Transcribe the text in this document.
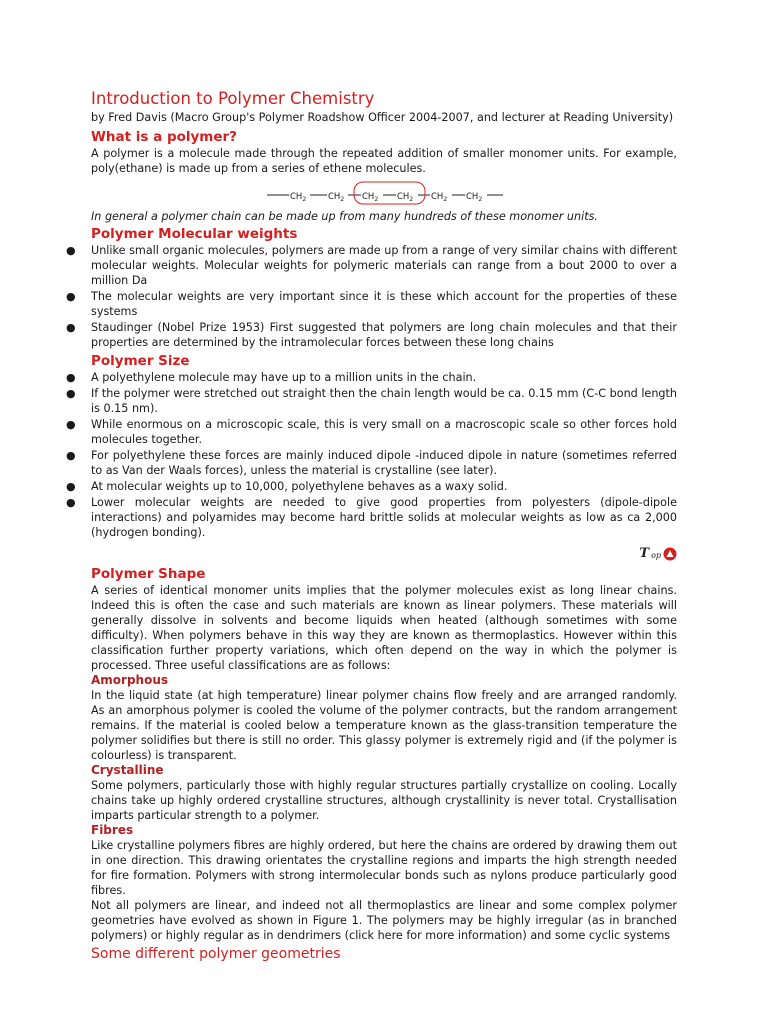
Introduction to Polymer Chemistry

by Fred Davis (Macro Group's Polymer Roadshow Officer 2004-2007, and lecturer at Reading University)

What is a polymer?

A polymer is a molecule made through the repeated addition of smaller monomer units. For example, poly(ethane) is made up from a series of ethene molecules.

$CH_2$	$CH_2$ $CH_2$ $CH_2$ $CH_2$ $CH_2$

In general a polymer chain can be made up from many hundreds of these monomer units.

Polymer Molecular weights
● Unlike small organic molecules, polymers are made up from a range of very similar chains with different molecular weights. Molecular weights for polymeric materials can range from a bout 2000 to over a million Da
● The molecular weights are very important since it is these which account for the properties of these systems
● Staudinger (Nobel Prize 1953) First suggested that polymers are long chain molecules and that their properties are determined by the intramolecular forces between these long chains
Polymer Size
● A polyethylene molecule may have up to a million units in the chain.
● If the polymer were stretched out straight then the chain length would be ca. 0.15 mm (C-C bond length is 0.15 nm).
● While enormous on a microscopic scale, this is very small on a macroscopic scale so other forces hold molecules together.
● For polyethylene these forces are mainly induced dipole -induced dipole in nature (sometimes referred to as Van der Waals forces), unless the material is crystalline (see later).
● At molecular weights up to 10,000, polyethylene behaves as a waxy solid.
● Lower molecular weights are needed to give good properties from polyesters (dipole-dipole interactions) and polyamides may become hard brittle solids at molecular weights as low as ca 2,000 (hydrogen bonding).
T op
Polymer Shape

A series of identical monomer units implies that the polymer molecules exist as long linear chains. Indeed this is often the case and such materials are known as linear polymers. These materials will generally dissolve in solvents and become liquids when heated (although sometimes with some difficulty). When polymers behave in this way they are known as thermoplastics. However within this classification further property variations, which often depend on the way in which the polymer is processed. Three useful classifications are as follows:

Amorphous

In the liquid state (at high temperature) linear polymer chains flow freely and are arranged randomly. As an amorphous polymer is cooled the volume of the polymer contracts, but the random arrangement remains. If the material is cooled below a temperature known as the glass-transition temperature the polymer solidifies but there is still no order. This glassy polymer is extremely rigid and (if the polymer is colourless) is transparent.

Crystalline

Some polymers, particularly those with highly regular structures partially crystallize on cooling. Locally chains take up highly ordered crystalline structures, although crystallinity is never total. Crystallisation imparts particular strength to a polymer.

Fibres

Like crystalline polymers fibres are highly ordered, but here the chains are ordered by drawing them out in one direction. This drawing orientates the crystalline regions and imparts the high strength needed for fire formation. Polymers with strong intermolecular bonds such as nylons produce particularly good fibres.

Not all polymers are linear, and indeed not all thermoplastics are linear and some complex polymer geometries have evolved as shown in Figure 1. The polymers may be highly irregular (as in branched polymers) or highly regular as in dendrimers (click here for more information) and some cyclic systems

Some different polymer geometries
